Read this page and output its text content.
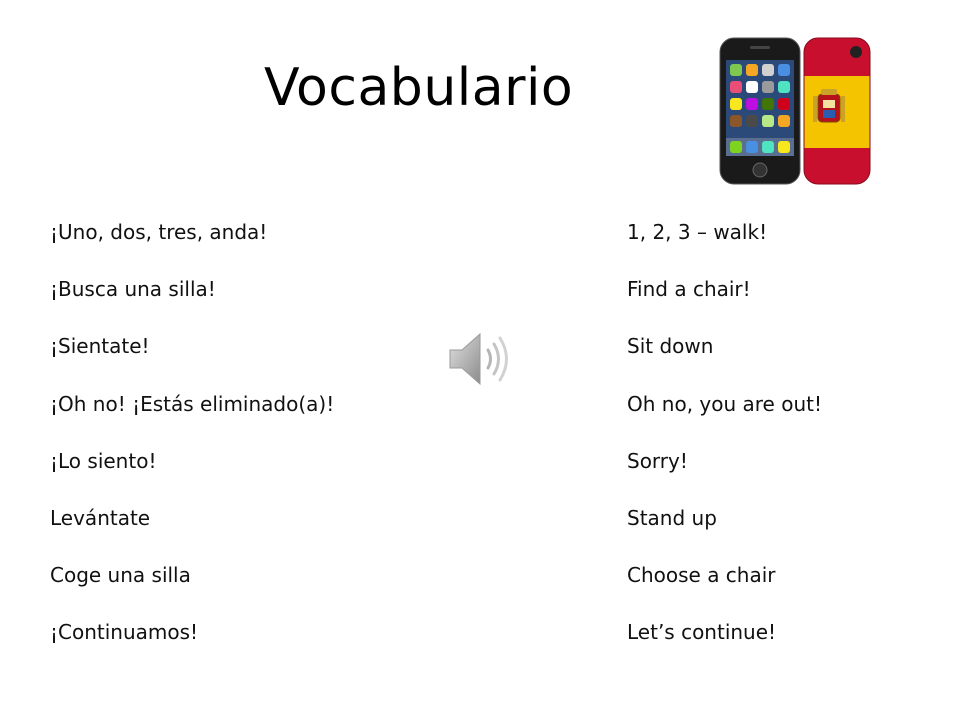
Vocabulario
¡Uno, dos, tres, anda!
¡Busca una silla!
¡Sientate!
¡Oh no! ¡Estás eliminado(a)!
¡Lo siento!
Levántate
Coge una silla
¡Continuamos!
1, 2, 3 – walk!
Find a chair!
Sit down
Oh no, you are out!
Sorry!
Stand up
Choose a chair
Let’s continue!
